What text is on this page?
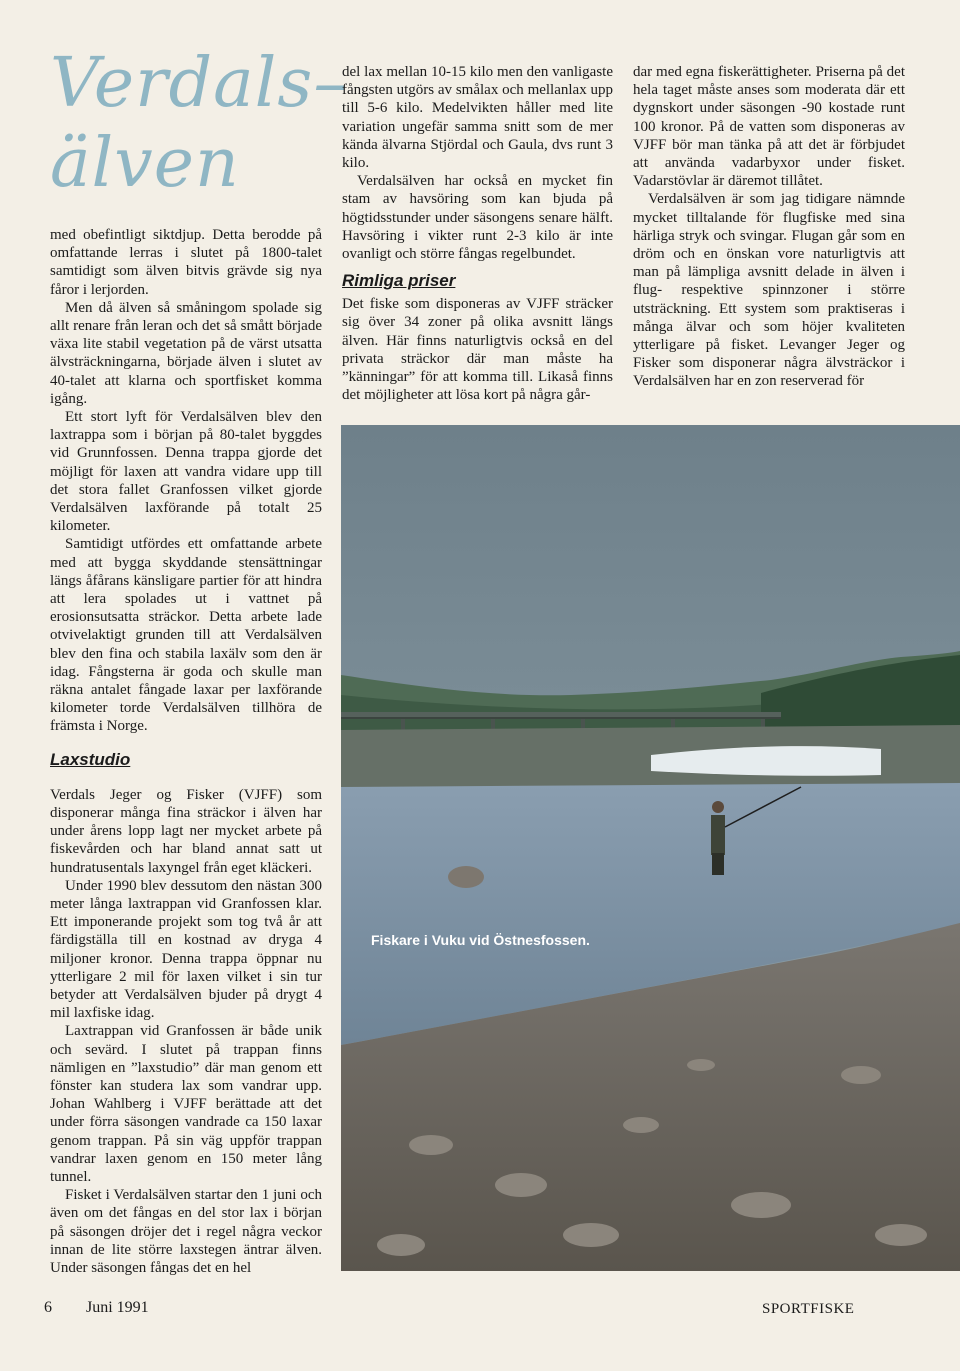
Verdals–
älven

med obefintligt siktdjup. Detta berodde på omfattande lerras i slutet på 1800-talet samtidigt som älven bitvis grävde sig nya fåror i lerjorden.

Men då älven så småningom spolade sig allt renare från leran och det så smått började växa lite stabil vegetation på de värst utsatta älvsträckningarna, började älven i slutet av 40-talet att klarna och sportfisket komma igång.

Ett stort lyft för Verdalsälven blev den laxtrappa som i början på 80-talet byggdes vid Grunnfossen. Denna trappa gjorde det möjligt för laxen att vandra vidare upp till det stora fallet Granfossen vilket gjorde Verdalsälven laxförande på totalt 25 kilometer.

Samtidigt utfördes ett omfattande arbete med att bygga skyddande stensättningar längs åfårans känsligare partier för att hindra att lera spolades ut i vattnet på erosionsutsatta sträckor. Detta arbete lade otvivelaktigt grunden till att Verdalsälven blev den fina och stabila laxälv som den är idag. Fångsterna är goda och skulle man räkna antalet fångade laxar per laxförande kilometer torde Verdalsälven tillhöra de främsta i Norge.

Laxstudio

Verdals Jeger og Fisker (VJFF) som disponerar många fina sträckor i älven har under årens lopp lagt ner mycket arbete på fiskevården och har bland annat satt ut hundratusentals laxyngel från eget kläckeri.

Under 1990 blev dessutom den nästan 300 meter långa laxtrappan vid Granfossen klar. Ett imponerande projekt som tog två år att färdigställa till en kostnad av dryga 4 miljoner kronor. Denna trappa öppnar nu ytterligare 2 mil för laxen vilket i sin tur betyder att Verdalsälven bjuder på drygt 4 mil laxfiske idag.

Laxtrappan vid Granfossen är både unik och sevärd. I slutet på trappan finns nämligen en ”laxstudio” där man genom ett fönster kan studera lax som vandrar upp. Johan Wahlberg i VJFF berättade att det under förra säsongen vandrade ca 150 laxar genom trappan. På sin väg uppför trappan vandrar laxen genom en 150 meter lång tunnel.

Fisket i Verdalsälven startar den 1 juni och även om det fångas en del stor lax i början på säsongen dröjer det i regel några veckor innan de lite större laxstegen äntrar älven. Under säsongen fångas det en hel

del lax mellan 10-15 kilo men den vanligaste fångsten utgörs av smålax och mellanlax upp till 5-6 kilo. Medelvikten håller med lite variation ungefär samma snitt som de mer kända älvarna Stjördal och Gaula, dvs runt 3 kilo.

Verdalsälven har också en mycket fin stam av havsöring som kan bjuda på högtidsstunder under säsongens senare hälft. Havsöring i vikter runt 2-3 kilo är inte ovanligt och större fångas regelbundet.

Rimliga priser

Det fiske som disponeras av VJFF sträcker sig över 34 zoner på olika avsnitt längs älven. Här finns naturligtvis också en del privata sträckor där man måste ha ”känningar” för att komma till. Likaså finns det möjligheter att lösa kort på några går-

dar med egna fiskerättigheter. Priserna på det hela taget måste anses som moderata där ett dygnskort under säsongen -90 kostade runt 100 kronor. På de vatten som disponeras av VJFF bör man tänka på att det är förbjudet att använda vadarbyxor under fisket. Vadarstövlar är däremot tillåtet.

Verdalsälven är som jag tidigare nämnde mycket tilltalande för flugfiske med sina härliga stryk och svingar. Flugan går som en dröm och en önskan vore naturligtvis att man på lämpliga avsnitt delade in älven i flug- respektive spinnzoner i större utsträckning. Ett system som praktiseras i många älvar och som höjer kvaliteten ytterligare på fisket. Levanger Jeger og Fisker som disponerar några älvsträckor i Verdalsälven har en zon reserverad för

Fiskare i Vuku vid Östnesfossen.
6 Juni 1991	SPORTFISKE
